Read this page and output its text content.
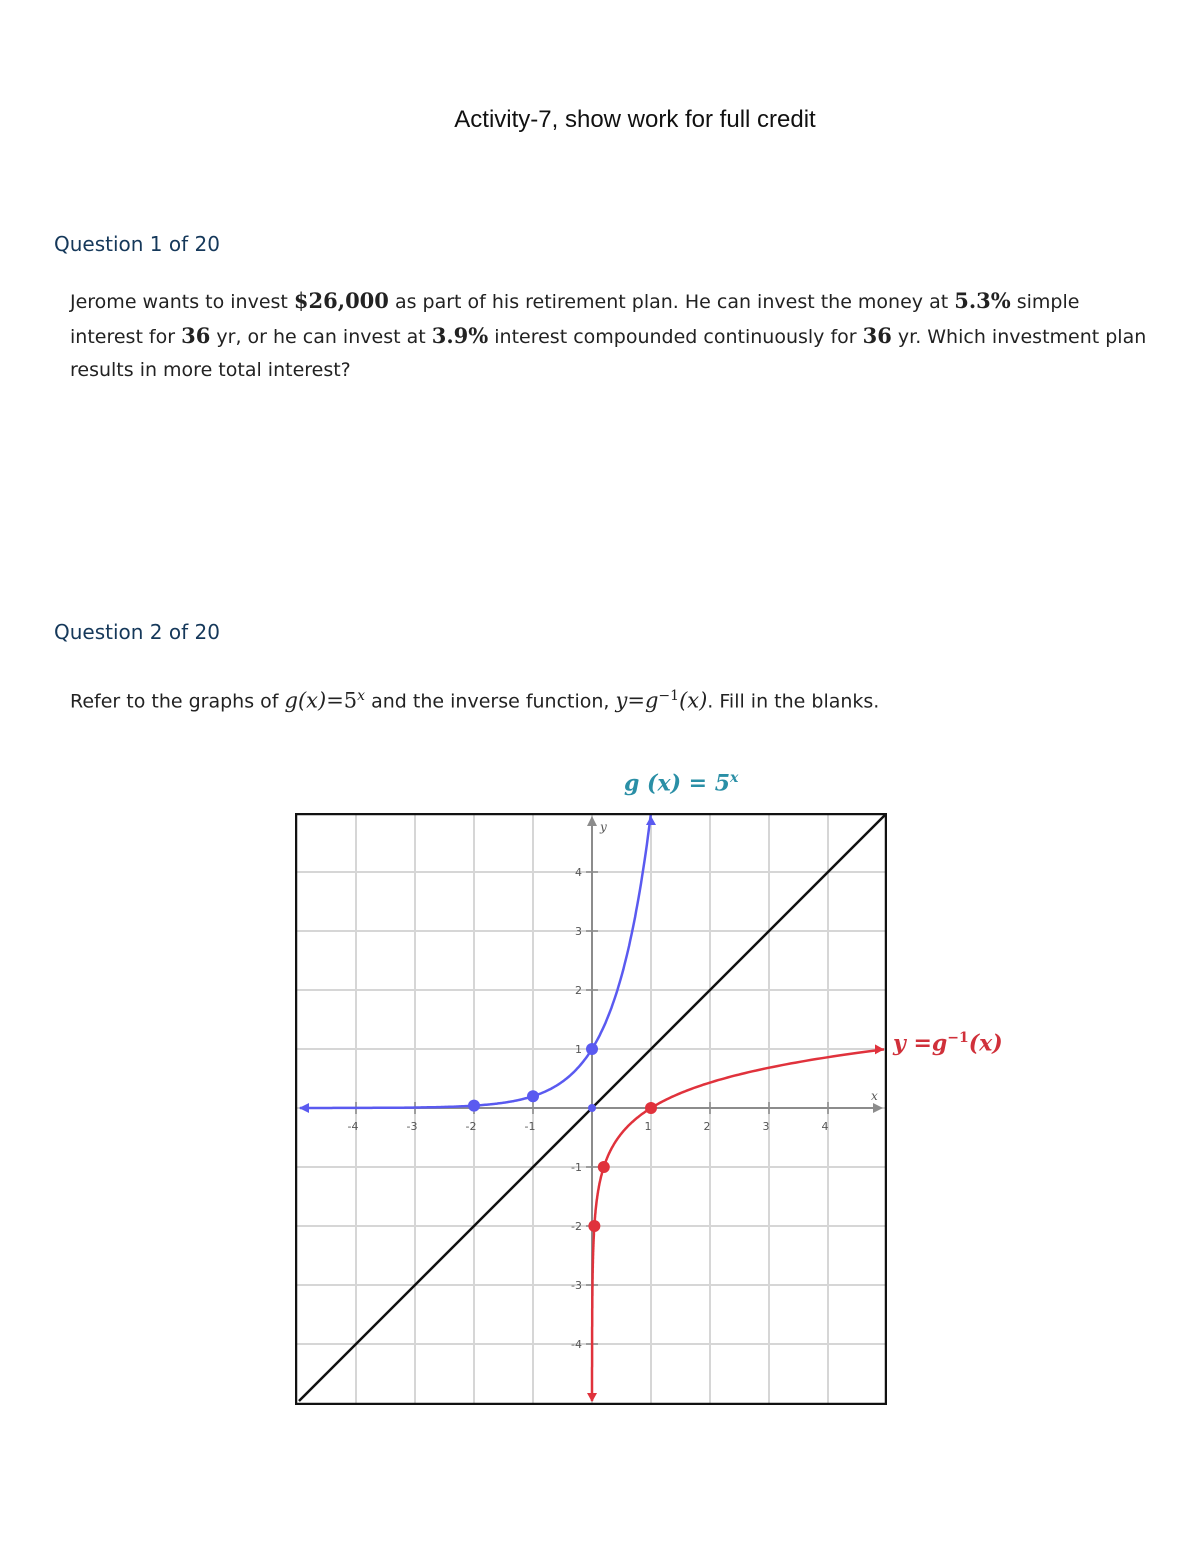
Activity-7, show work for full credit
Question 1 of 20
Jerome wants to invest $26,000 as part of his retirement plan. He can invest the money at 5.3% simple interest for 36 yr, or he can invest at 3.9% interest compounded continuously for 36 yr. Which investment plan results in more total interest?
Question 2 of 20
Refer to the graphs of $g(x)=5^x$ and the inverse function, $y=g^{-1}(x)$. Fill in the blanks.
g $(x) = 5^x$
$y =g^{-1}(x)$
-4	-3	-2	-1	1	2	3	4
4
3
2
1
-1
-2
-3
-4
x
y
